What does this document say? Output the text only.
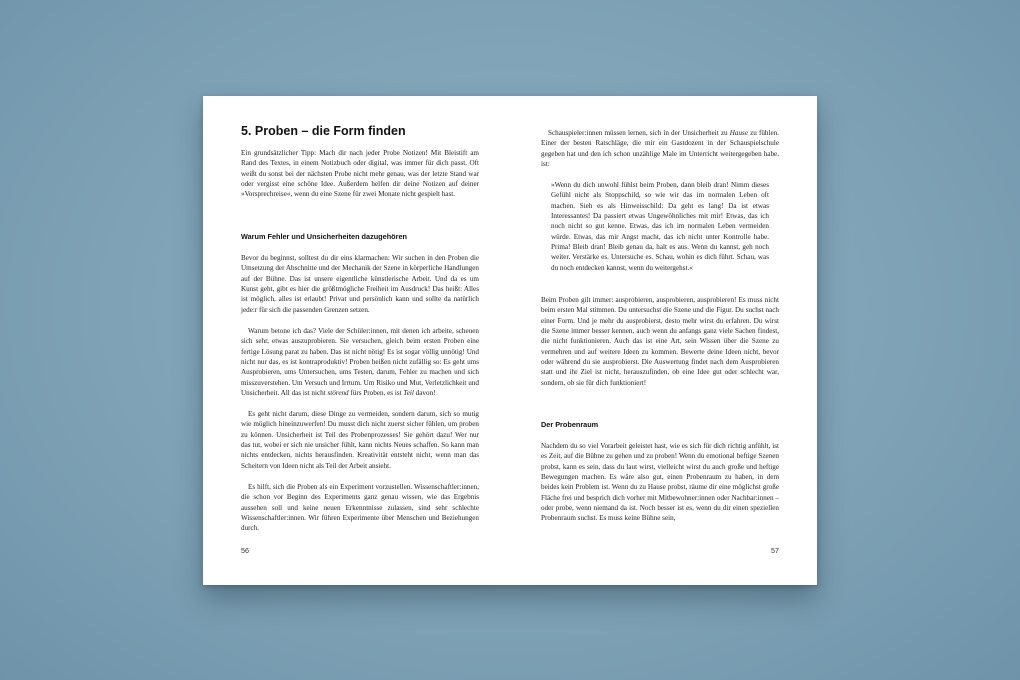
5. Proben – die Form finden

Ein grundsätzlicher Tipp: Mach dir nach jeder Probe Notizen! Mit Bleistift am Rand des Textes, in einem Notizbuch oder digital, was immer für dich passt. Oft weißt du sonst bei der nächsten Probe nicht mehr genau, was der letzte Stand war oder vergisst eine schöne Idee. Außerdem helfen dir deine Notizen auf deiner »Vorsprechreise«, wenn du eine Szene für zwei Monate nicht gespielt hast.

Warum Fehler und Unsicherheiten dazugehören

Bevor du beginnst, solltest du dir eins klarmachen: Wir suchen in den Proben die Umsetzung der Abschnitte und der Mechanik der Szene in körperliche Handlungen auf der Bühne. Das ist unsere eigentliche künstlerische Arbeit. Und da es um Kunst geht, gibt es hier die größtmögliche Freiheit im Ausdruck! Das heißt: Alles ist möglich, alles ist erlaubt! Privat und persönlich kann und sollte da natürlich jede:r für sich die passenden Grenzen setzen.

Warum betone ich das? Viele der Schüler:innen, mit denen ich arbeite, scheuen sich sehr, etwas auszuprobieren. Sie versuchen, gleich beim ersten Proben eine fertige Lösung parat zu haben. Das ist nicht nötig! Es ist sogar völlig unnötig! Und nicht nur das, es ist kontraproduktiv! Proben heißen nicht zufällig so: Es geht ums Ausprobieren, ums Untersuchen, ums Testen, darum, Fehler zu machen und sich misszuverstehen. Um Versuch und Irrtum. Um Risiko und Mut, Verletzlichkeit und Unsicherheit. All das ist nicht störend fürs Proben, es ist Teil davon!

Es geht nicht darum, diese Dinge zu vermeiden, sondern darum, sich so mutig wie möglich hineinzuwerfen! Du musst dich nicht zuerst sicher fühlen, um proben zu können. Unsicherheit ist Teil des Probenprozesses! Sie gehört dazu! Wer nur das tut, wobei er sich nie unsicher fühlt, kann nichts Neues schaffen. So kann man nichts entdecken, nichts herausfinden. Kreativität entsteht nicht, wenn man das Scheitern von Ideen nicht als Teil der Arbeit ansieht.

Es hilft, sich die Proben als ein Experiment vorzustellen. Wissenschaftler:innen, die schon vor Beginn des Experiments ganz genau wissen, wie das Ergebnis aussehen soll und keine neuen Erkenntnisse zulassen, sind sehr schlechte Wissenschaftler:innen. Wir führen Experimente über Menschen und Beziehungen durch.

56

Schauspieler:innen müssen lernen, sich in der Unsicherheit zu Hause zu fühlen. Einer der besten Ratschläge, die mir ein Gastdozent in der Schauspielschule gegeben hat und den ich schon unzählige Male im Unterricht weitergegeben habe, ist:

»Wenn du dich unwohl fühlst beim Proben, dann bleib dran! Nimm dieses Gefühl nicht als Stoppschild, so wie wir das im normalen Leben oft machen. Sieh es als Hinweisschild: Da geht es lang! Da ist etwas Interessantes! Da passiert etwas Ungewöhnliches mit mir! Etwas, das ich noch nicht so gut kenne. Etwas, das ich im normalen Leben vermeiden würde. Etwas, das mir Angst macht, das ich nicht unter Kontrolle habe. Prima! Bleib dran! Bleib genau da, halt es aus. Wenn du kannst, geh noch weiter. Verstärke es. Untersuche es. Schau, wohin es dich führt. Schau, was du noch entdecken kannst, wenn du weitergehst.«

Beim Proben gilt immer: ausprobieren, ausprobieren, ausprobieren! Es muss nicht beim ersten Mal stimmen. Du untersuchst die Szene und die Figur. Du suchst nach einer Form. Und je mehr du ausprobierst, desto mehr wirst du erfahren. Du wirst die Szene immer besser kennen, auch wenn du anfangs ganz viele Sachen findest, die nicht funktionieren. Auch das ist eine Art, sein Wissen über die Szene zu vermehren und auf weitere Ideen zu kommen. Bewerte deine Ideen nicht, bevor oder während du sie ausprobierst. Die Auswertung findet nach dem Ausprobieren statt und ihr Ziel ist nicht, herauszufinden, ob eine Idee gut oder schlecht war, sondern, ob sie für dich funktioniert!

Der Probenraum

Nachdem du so viel Vorarbeit geleistet hast, wie es sich für dich richtig anfühlt, ist es Zeit, auf die Bühne zu gehen und zu proben! Wenn du emotional heftige Szenen probst, kann es sein, dass du laut wirst, vielleicht wirst du auch große und heftige Bewegungen machen. Es wäre also gut, einen Probenraum zu haben, in dem beides kein Problem ist. Wenn du zu Hause probst, räume dir eine möglichst große Fläche frei und besprich dich vorher mit Mitbewohner:innen oder Nachbar:innen – oder probe, wenn niemand da ist. Noch besser ist es, wenn du dir einen speziellen Probenraum suchst. Es muss keine Bühne sein,

57
